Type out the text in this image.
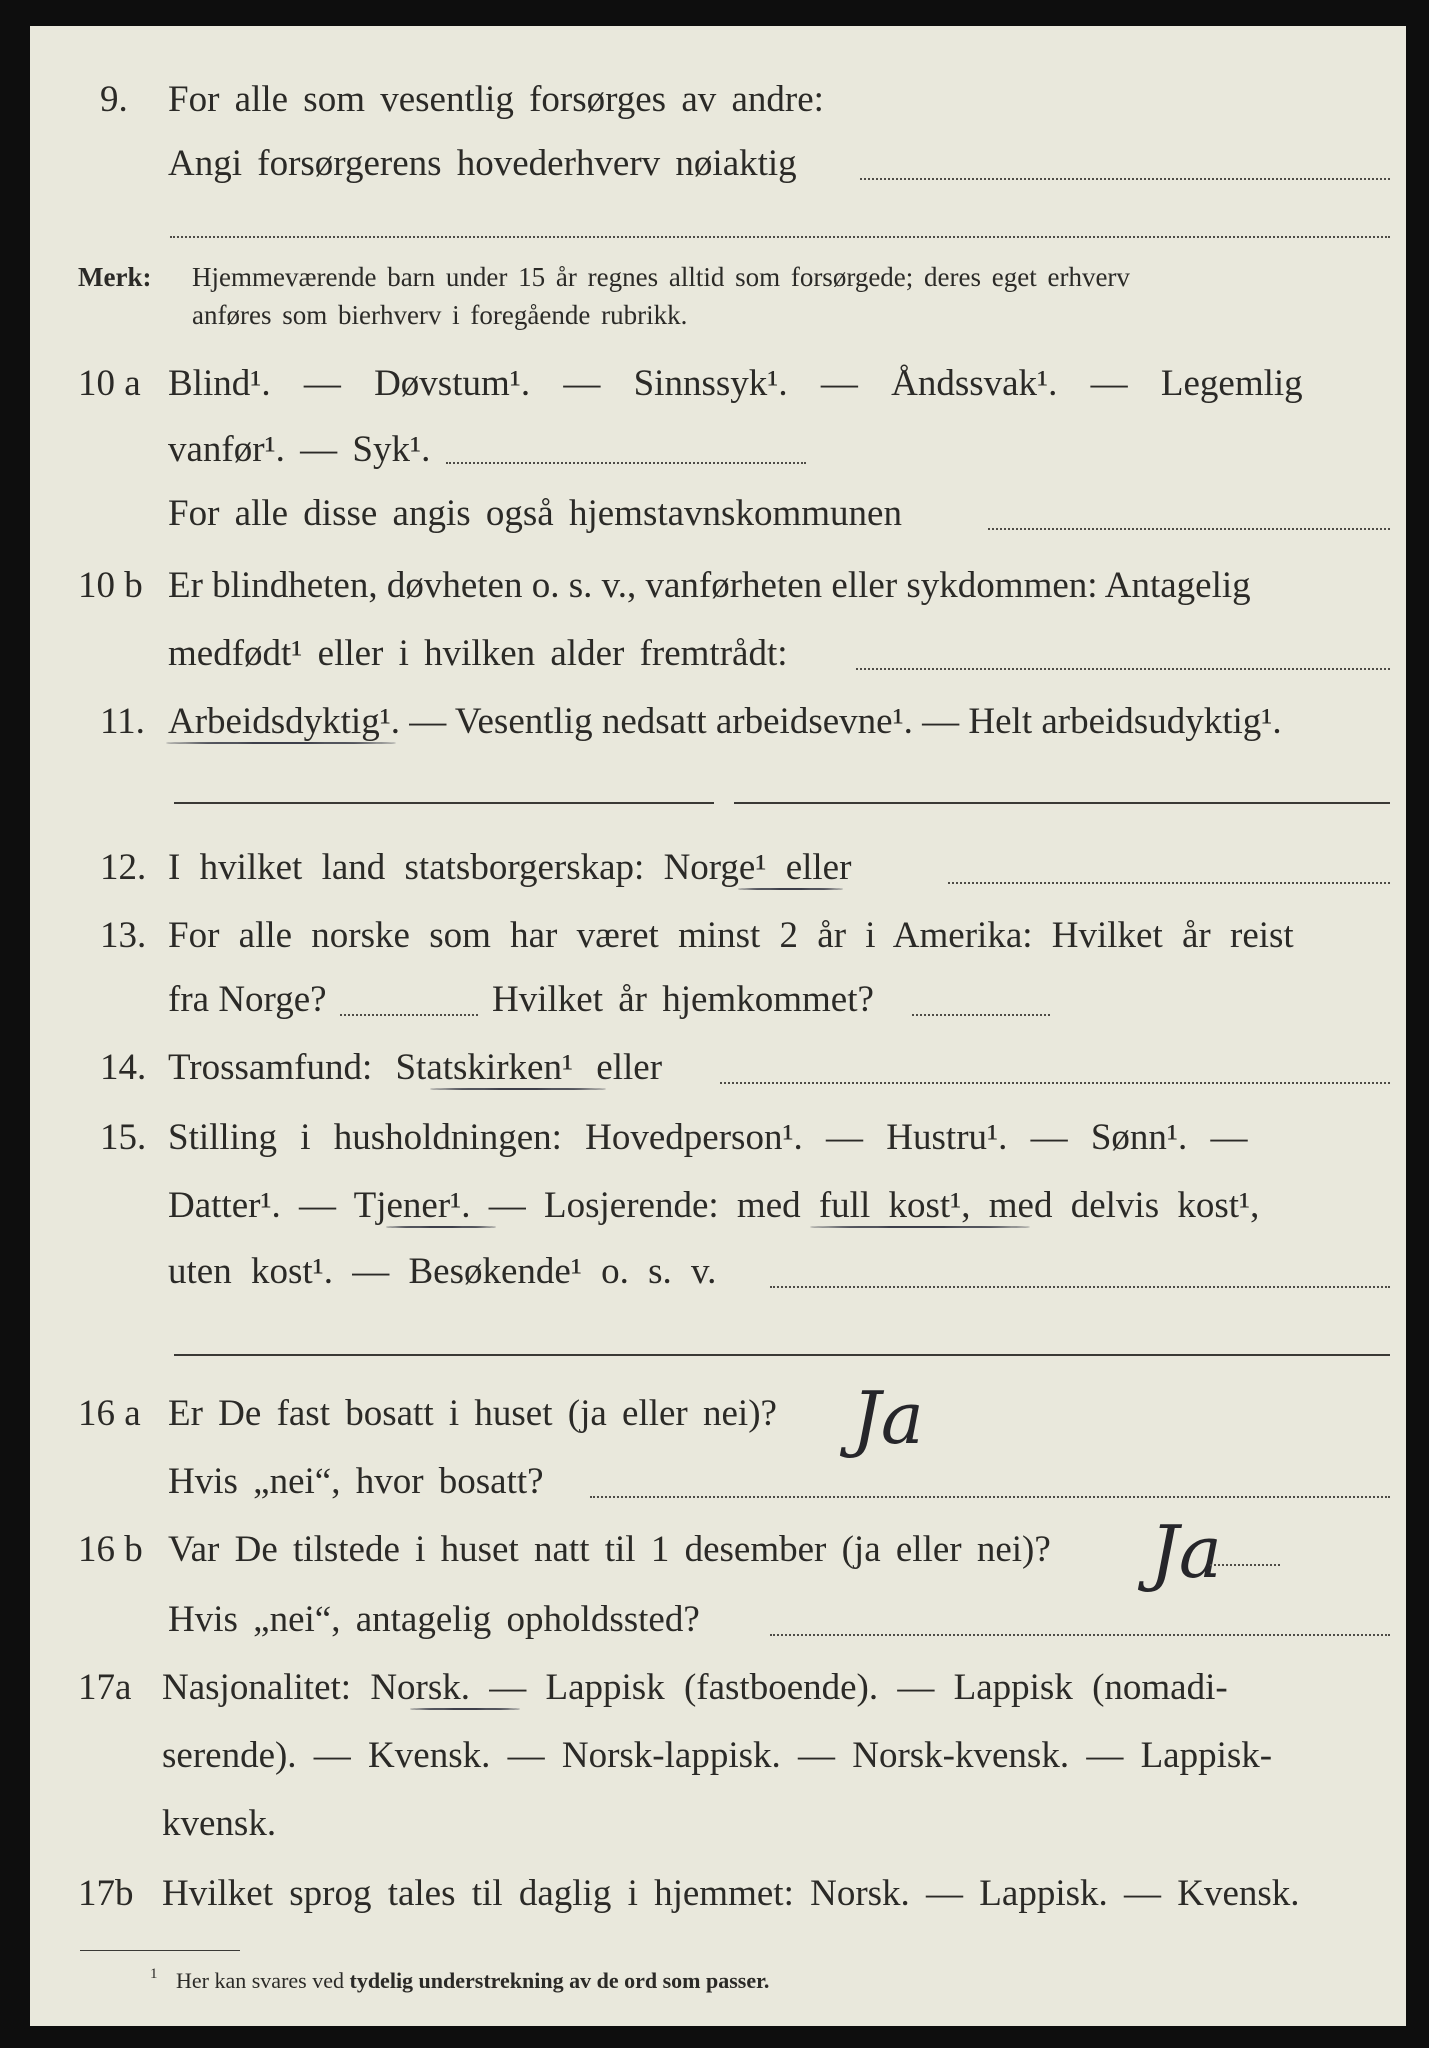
9. For alle som vesentlig forsørges av andre:
Angi forsørgerens hovederhverv nøiaktig
Merk: Hjemmeværende barn under 15 år regnes alltid som forsørgede; deres eget erhverv
anføres som bierhverv i foregående rubrikk.
10 a Blind¹. — Døvstum¹. — Sinnssyk¹. — Åndssvak¹. — Legemlig
vanfør¹. — Syk¹.
For alle disse angis også hjemstavnskommunen
10 b Er blindheten, døvheten o. s. v., vanførheten eller sykdommen: Antagelig
medfødt¹ eller i hvilken alder fremtrådt:
11. Arbeidsdyktig¹. — Vesentlig nedsatt arbeidsevne¹. — Helt arbeidsudyktig¹.
12. I hvilket land statsborgerskap: Norge¹ eller
13. For alle norske som har været minst 2 år i Amerika: Hvilket år reist
fra Norge?	Hvilket år hjemkommet?
14. Trossamfund: Statskirken¹ eller
15. Stilling i husholdningen: Hovedperson¹. — Hustru¹. — Sønn¹. —
Datter¹. — Tjener¹. — Losjerende: med full kost¹, med delvis kost¹,
uten kost¹. — Besøkende¹ o. s. v.
16 a Er De fast bosatt i huset (ja eller nei)? Ja
Hvis „nei“, hvor bosatt?
16 b Var De tilstede i huset natt til 1 desember (ja eller nei)? Ja
Hvis „nei“, antagelig opholdssted?
17a Nasjonalitet: Norsk. — Lappisk (fastboende). — Lappisk (nomadi-
serende). — Kvensk. — Norsk-lappisk. — Norsk-kvensk. — Lappisk-
kvensk.
17b Hvilket sprog tales til daglig i hjemmet: Norsk. — Lappisk. — Kvensk.
1 Her kan svares ved tydelig understrekning av de ord som passer.
